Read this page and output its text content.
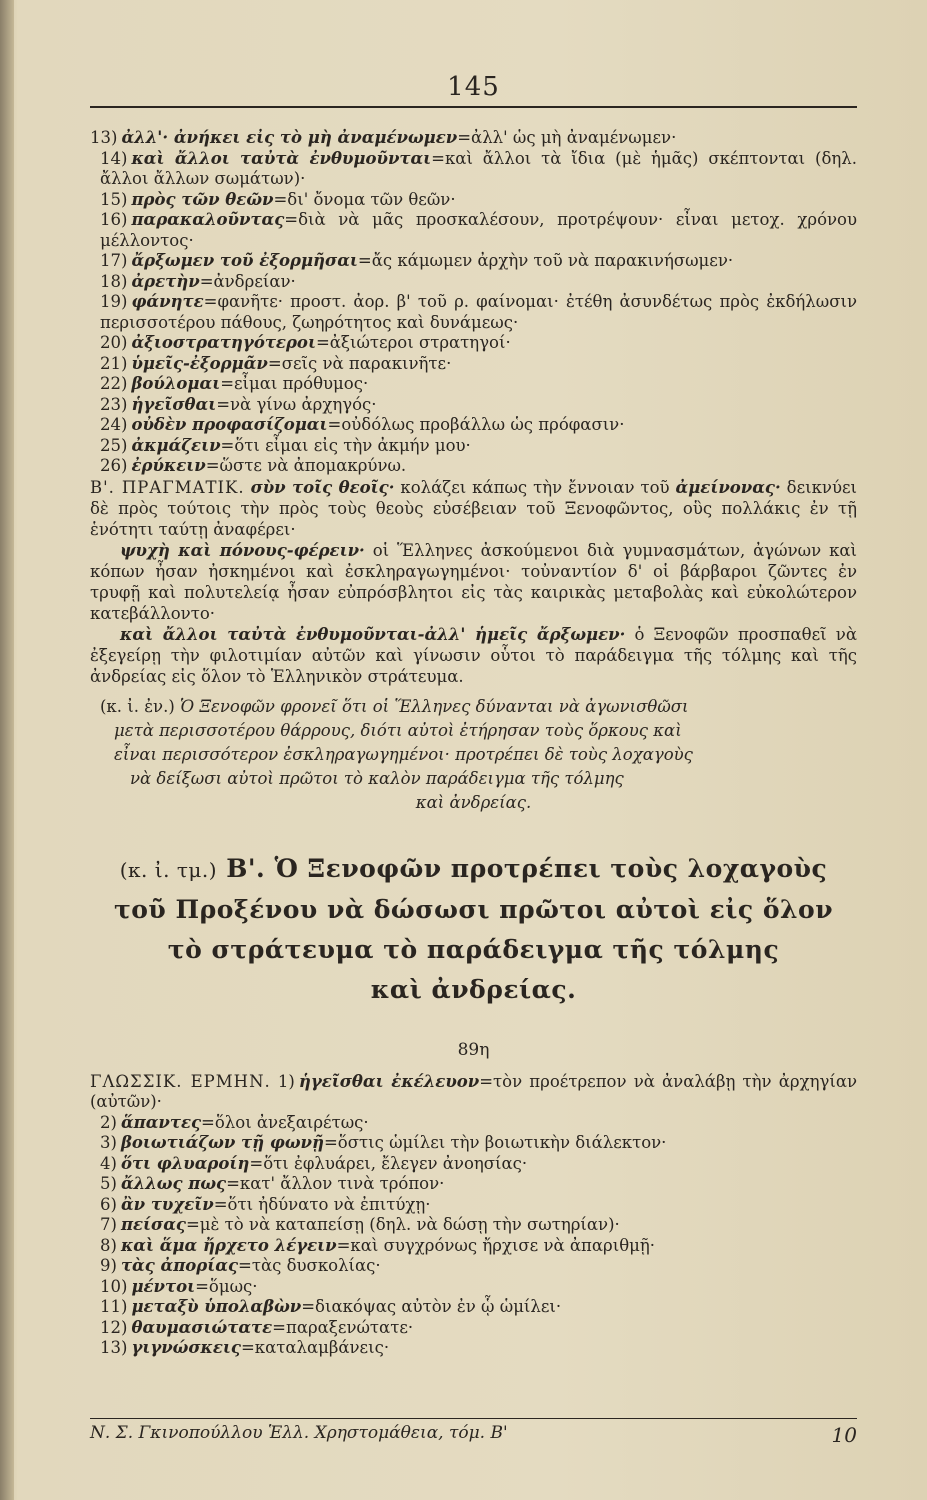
145

13) ἀλλ'· ἀνήκει εἰς τὸ μὴ ἀναμένωμεν=ἀλλ' ὡς μὴ ἀναμένωμεν·

14) καὶ ἄλλοι ταὐτὰ ἐνθυμοῦνται=καὶ ἄλλοι τὰ ἴδια (μὲ ἡμᾶς) σκέπτονται (δηλ. ἄλλοι ἄλλων σωμάτων)·

15) πρὸς τῶν θεῶν=δι' ὄνομα τῶν θεῶν·

16) παρακαλοῦντας=διὰ νὰ μᾶς προσκαλέσουν, προτρέψουν· εἶναι μετοχ. χρόνου μέλλοντος·

17) ἄρξωμεν τοῦ ἐξορμῆσαι=ἄς κάμωμεν ἀρχὴν τοῦ νὰ παρακινήσωμεν·

18) ἀρετὴν=ἀνδρείαν·

19) φάνητε=φανῆτε· προστ. ἀορ. β' τοῦ ρ. φαίνομαι· ἐτέθη ἀσυνδέτως πρὸς ἐκδήλωσιν περισσοτέρου πάθους, ζωηρότητος καὶ δυνάμεως·

20) ἀξιοστρατηγότεροι=ἀξιώτεροι στρατηγοί·

21) ὑμεῖς-ἐξορμᾶν=σεῖς νὰ παρακινῆτε·

22) βούλομαι=εἶμαι πρόθυμος·

23) ἡγεῖσθαι=νὰ γίνω ἀρχηγός·

24) οὐδὲν προφασίζομαι=οὐδόλως προβάλλω ὡς πρόφασιν·

25) ἀκμάζειν=ὅτι εἶμαι εἰς τὴν ἀκμήν μου·

26) ἐρύκειν=ὥστε νὰ ἀπομακρύνω.

Β'. ΠΡΑΓΜΑΤΙΚ. σὺν τοῖς θεοῖς· κολάζει κάπως τὴν ἔννοιαν τοῦ ἀμείνονας· δεικνύει δὲ πρὸς τούτοις τὴν πρὸς τοὺς θεοὺς εὐσέβειαν τοῦ Ξενοφῶντος, οὓς πολλάκις ἐν τῇ ἑνότητι ταύτῃ ἀναφέρει·

ψυχὴ καὶ πόνους-φέρειν· οἱ Ἕλληνες ἀσκούμενοι διὰ γυμνασμάτων, ἀγώνων καὶ κόπων ἦσαν ἠσκημένοι καὶ ἐσκληραγωγημένοι· τοὐναντίον δ' οἱ βάρβαροι ζῶντες ἐν τρυφῇ καὶ πολυτελείᾳ ἦσαν εὐπρόσβλητοι εἰς τὰς καιρικὰς μεταβολὰς καὶ εὐκολώτερον κατεβάλλοντο·

καὶ ἄλλοι ταὐτὰ ἐνθυμοῦνται-ἀλλ' ἡμεῖς ἄρξωμεν· ὁ Ξενοφῶν προσπαθεῖ νὰ ἐξεγείρῃ τὴν φιλοτιμίαν αὐτῶν καὶ γίνωσιν οὗτοι τὸ παράδειγμα τῆς τόλμης καὶ τῆς ἀνδρείας εἰς ὅλον τὸ Ἑλληνικὸν στράτευμα.

(κ. ἰ. ἐν.) Ὁ Ξενοφῶν φρονεῖ ὅτι οἱ Ἕλληνες δύνανται νὰ ἀγωνισθῶσι
μετὰ περισσοτέρου θάρρους, διότι αὐτοὶ ἐτήρησαν τοὺς ὅρκους καὶ
εἶναι περισσότερον ἐσκληραγωγημένοι· προτρέπει δὲ τοὺς λοχαγοὺς
νὰ δείξωσι αὐτοὶ πρῶτοι τὸ καλὸν παράδειγμα τῆς τόλμης
καὶ ἀνδρείας.
(κ. ἰ. τμ.) Β'. Ὁ Ξενοφῶν προτρέπει τοὺς λοχαγοὺς
τοῦ Προξένου νὰ δώσωσι πρῶτοι αὐτοὶ εἰς ὅλον
τὸ στράτευμα τὸ παράδειγμα τῆς τόλμης
καὶ ἀνδρείας.
89η

ΓΛΩΣΣΙΚ. ΕΡΜΗΝ. 1) ἡγεῖσθαι ἐκέλευον=τὸν προέτρεπον νὰ ἀναλάβῃ τὴν ἀρχηγίαν (αὐτῶν)·

2) ἅπαντες=ὅλοι ἀνεξαιρέτως·

3) βοιωτιάζων τῇ φωνῇ=ὅστις ὡμίλει τὴν βοιωτικὴν διάλεκτον·

4) ὅτι φλυαροίη=ὅτι ἐφλυάρει, ἔλεγεν ἀνοησίας·

5) ἄλλως πως=κατ' ἄλλον τινὰ τρόπον·

6) ἂν τυχεῖν=ὅτι ἠδύνατο νὰ ἐπιτύχῃ·

7) πείσας=μὲ τὸ νὰ καταπείσῃ (δηλ. νὰ δώσῃ τὴν σωτηρίαν)·

8) καὶ ἅμα ἤρχετο λέγειν=καὶ συγχρόνως ἤρχισε νὰ ἀπαριθμῇ·

9) τὰς ἀπορίας=τὰς δυσκολίας·

10) μέντοι=ὅμως·

11) μεταξὺ ὑπολαβὼν=διακόψας αὐτὸν ἐν ᾧ ὡμίλει·

12) θαυμασιώτατε=παραξενώτατε·

13) γιγνώσκεις=καταλαμβάνεις·

Ν. Σ. Γκινοπούλλου Ἑλλ. Χρηστομάθεια, τόμ. Β'	10
